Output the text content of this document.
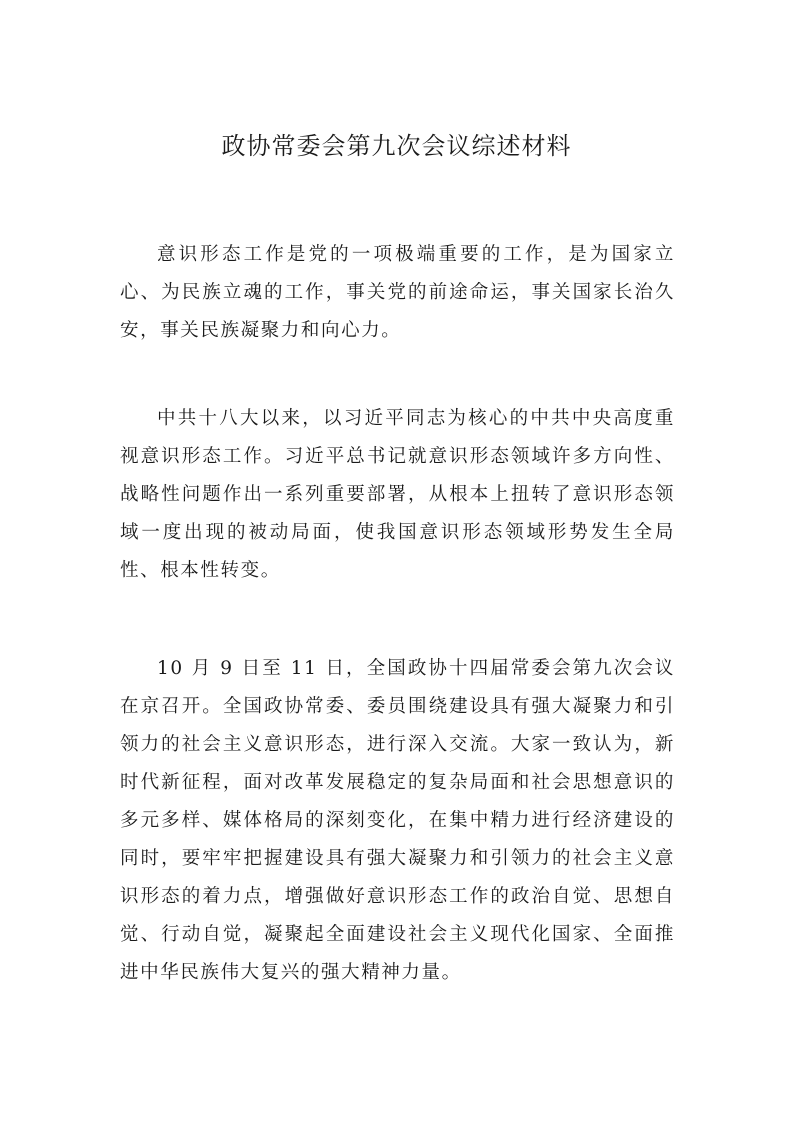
政协常委会第九次会议综述材料

意识形态工作是党的一项极端重要的工作，是为国家立心、为民族立魂的工作，事关党的前途命运，事关国家长治久安，事关民族凝聚力和向心力。

中共十八大以来，以习近平同志为核心的中共中央高度重视意识形态工作。习近平总书记就意识形态领域许多方向性、战略性问题作出一系列重要部署，从根本上扭转了意识形态领域一度出现的被动局面，使我国意识形态领域形势发生全局性、根本性转变。

10 月 9 日至 11 日，全国政协十四届常委会第九次会议在京召开。全国政协常委、委员围绕建设具有强大凝聚力和引领力的社会主义意识形态，进行深入交流。大家一致认为，新时代新征程，面对改革发展稳定的复杂局面和社会思想意识的多元多样、媒体格局的深刻变化，在集中精力进行经济建设的同时，要牢牢把握建设具有强大凝聚力和引领力的社会主义意识形态的着力点，增强做好意识形态工作的政治自觉、思想自觉、行动自觉，凝聚起全面建设社会主义现代化国家、全面推进中华民族伟大复兴的强大精神力量。
